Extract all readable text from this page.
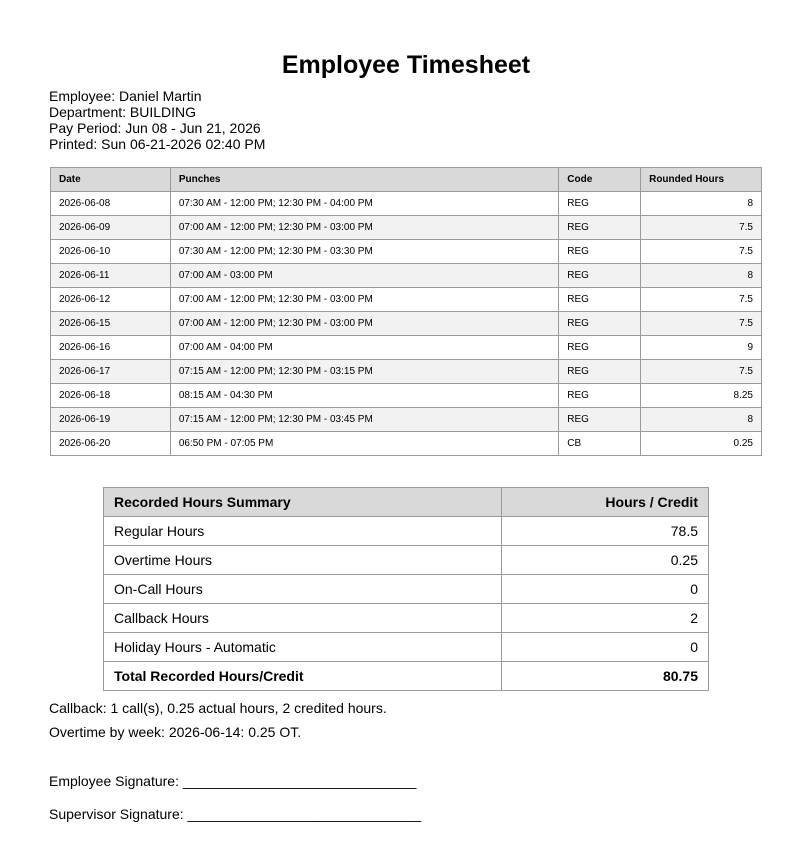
Employee Timesheet
Employee: Daniel Martin
Department: BUILDING
Pay Period: Jun 08 - Jun 21, 2026
Printed: Sun 06-21-2026 02:40 PM
Date	Punches	Code	Rounded Hours
2026-06-08	07:30 AM - 12:00 PM; 12:30 PM - 04:00 PM	REG	8
2026-06-09	07:00 AM - 12:00 PM; 12:30 PM - 03:00 PM	REG	7.5
2026-06-10	07:30 AM - 12:00 PM; 12:30 PM - 03:30 PM	REG	7.5
2026-06-11	07:00 AM - 03:00 PM	REG	8
2026-06-12	07:00 AM - 12:00 PM; 12:30 PM - 03:00 PM	REG	7.5
2026-06-15	07:00 AM - 12:00 PM; 12:30 PM - 03:00 PM	REG	7.5
2026-06-16	07:00 AM - 04:00 PM	REG	9
2026-06-17	07:15 AM - 12:00 PM; 12:30 PM - 03:15 PM	REG	7.5
2026-06-18	08:15 AM - 04:30 PM	REG	8.25
2026-06-19	07:15 AM - 12:00 PM; 12:30 PM - 03:45 PM	REG	8
2026-06-20	06:50 PM - 07:05 PM	CB	0.25
Recorded Hours Summary	Hours / Credit
Regular Hours	78.5
Overtime Hours	0.25
On-Call Hours	0
Callback Hours	2
Holiday Hours - Automatic	0
Total Recorded Hours/Credit	80.75
Callback: 1 call(s), 0.25 actual hours, 2 credited hours.
Overtime by week: 2026-06-14: 0.25 OT.
Employee Signature: ______________________________
Supervisor Signature: ______________________________
